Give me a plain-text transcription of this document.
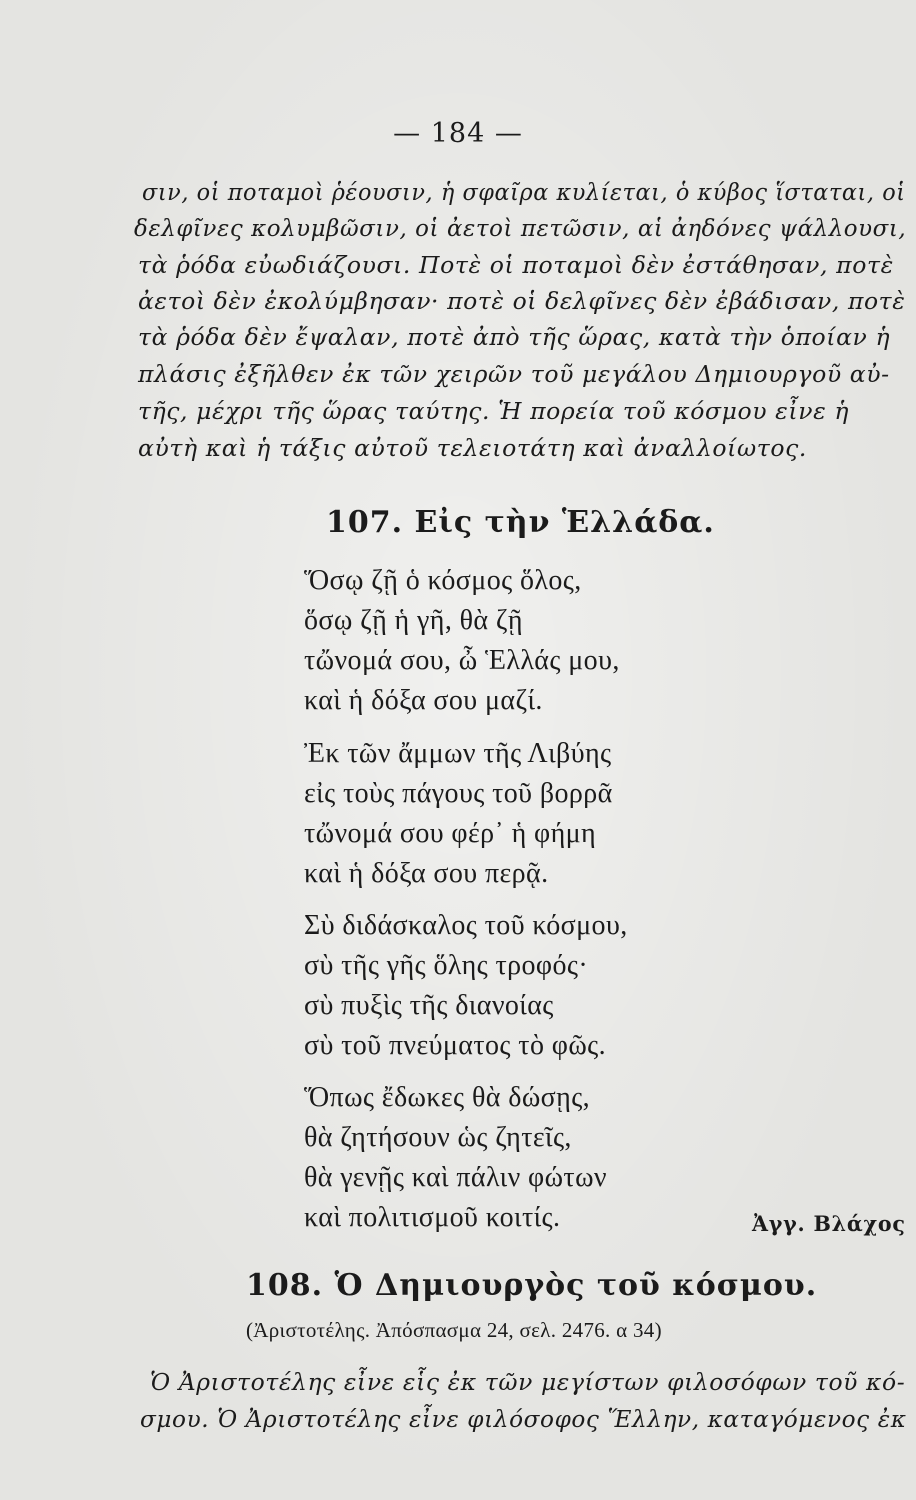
— 184 —
σιν, οἱ ποταμοὶ ῥέουσιν, ἡ σφαῖρα κυλίεται, ὁ κύβος ἵσταται, οἱ
δελφῖνες κολυμβῶσιν, οἱ ἀετοὶ πετῶσιν, αἱ ἀηδόνες ψάλλουσι,
τὰ ῥόδα εὐωδιάζουσι. Ποτὲ οἱ ποταμοὶ δὲν ἐστάθησαν, ποτὲ
ἀετοὶ δὲν ἐκολύμβησαν· ποτὲ οἱ δελφῖνες δὲν ἐβάδισαν, ποτὲ
τὰ ῥόδα δὲν ἔψαλαν, ποτὲ ἀπὸ τῆς ὥρας, κατὰ τὴν ὁποίαν ἡ
πλάσις ἐξῆλθεν ἐκ τῶν χειρῶν τοῦ μεγάλου Δημιουργοῦ αὐ-
τῆς, μέχρι τῆς ὥρας ταύτης. Ἡ πορεία τοῦ κόσμου εἶνε ἡ
αὐτὴ καὶ ἡ τάξις αὐτοῦ τελειοτάτη καὶ ἀναλλοίωτος.
107. Εἰς τὴν Ἑλλάδα.
Ὅσῳ ζῇ ὁ κόσμος ὅλος,
ὅσῳ ζῇ ἡ γῆ, θὰ ζῇ
τὤνομά σου, ὦ Ἑλλάς μου,
καὶ ἡ δόξα σου μαζί.
Ἐκ τῶν ἄμμων τῆς Λιβύης
εἰς τοὺς πάγους τοῦ βορρᾶ
τὤνομά σου φέρ᾽ ἡ φήμη
καὶ ἡ δόξα σου περᾷ.
Σὺ διδάσκαλος τοῦ κόσμου,
σὺ τῆς γῆς ὅλης τροφός·
σὺ πυξὶς τῆς διανοίας
σὺ τοῦ πνεύματος τὸ φῶς.
Ὅπως ἔδωκες θὰ δώσῃς,
θὰ ζητήσουν ὡς ζητεῖς,
θὰ γενῇς καὶ πάλιν φώτων
καὶ πολιτισμοῦ κοιτίς.	Ἀγγ. Βλάχος
108. Ὁ Δημιουργὸς τοῦ κόσμου.
(Ἀριστοτέλης. Ἀπόσπασμα 24, σελ. 2476. α 34)
Ὁ Ἀριστοτέλης εἶνε εἷς ἐκ τῶν μεγίστων φιλοσόφων τοῦ κό-
σμου. Ὁ Ἀριστοτέλης εἶνε φιλόσοφος Ἕλλην, καταγόμενος ἐκ
